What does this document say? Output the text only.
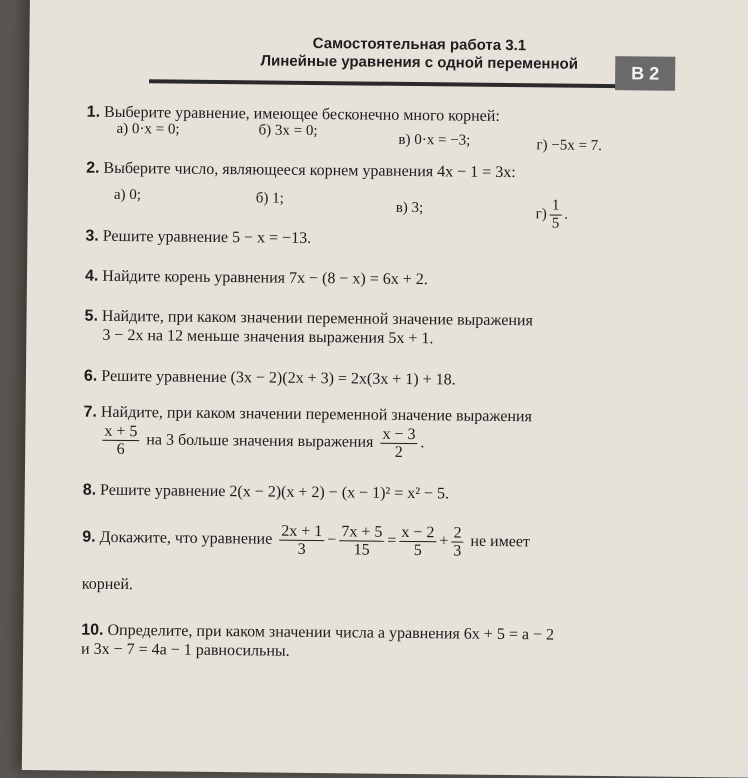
Самостоятельная работа 3.1
Линейные уравнения с одной переменной
В 2
1. Выберите уравнение, имеющее бесконечно много корней:
а) 0·x = 0;	б) 3x = 0;
в) 0·x = −3;	г) −5x = 7.
2. Выберите число, являющееся корнем уравнения 4x − 1 = 3x:
а) 0;	б) 1;
в) 3;	$г) \frac{1}{5}$ .
3. Решите уравнение 5 − x = −13.
4. Найдите корень уравнения 7x − (8 − x) = 6x + 2.
5. Найдите, при каком значении переменной значение выражения
3 − 2x на 12 меньше значения выражения 5x + 1.
6. Решите уравнение (3x − 2)(2x + 3) = 2x(3x + 1) + 18.
7. Найдите, при каком значении переменной значение выражения
$\frac{x + 5}{6}$ на 3 больше значения выражения $\frac{x - 3}{2}$ .
8. Решите уравнение 2(x − 2)(x + 2) − (x − 1)² = x² − 5.
9. Докажите, что уравнение $\frac{2x + 1}{3} - \frac{7x + 5}{15} = \frac{x - 2}{5} + \frac{2}{3}$ не имеет
корней.
10. Определите, при каком значении числа a уравнения 6x + 5 = a − 2
и 3x − 7 = 4a − 1 равносильны.
